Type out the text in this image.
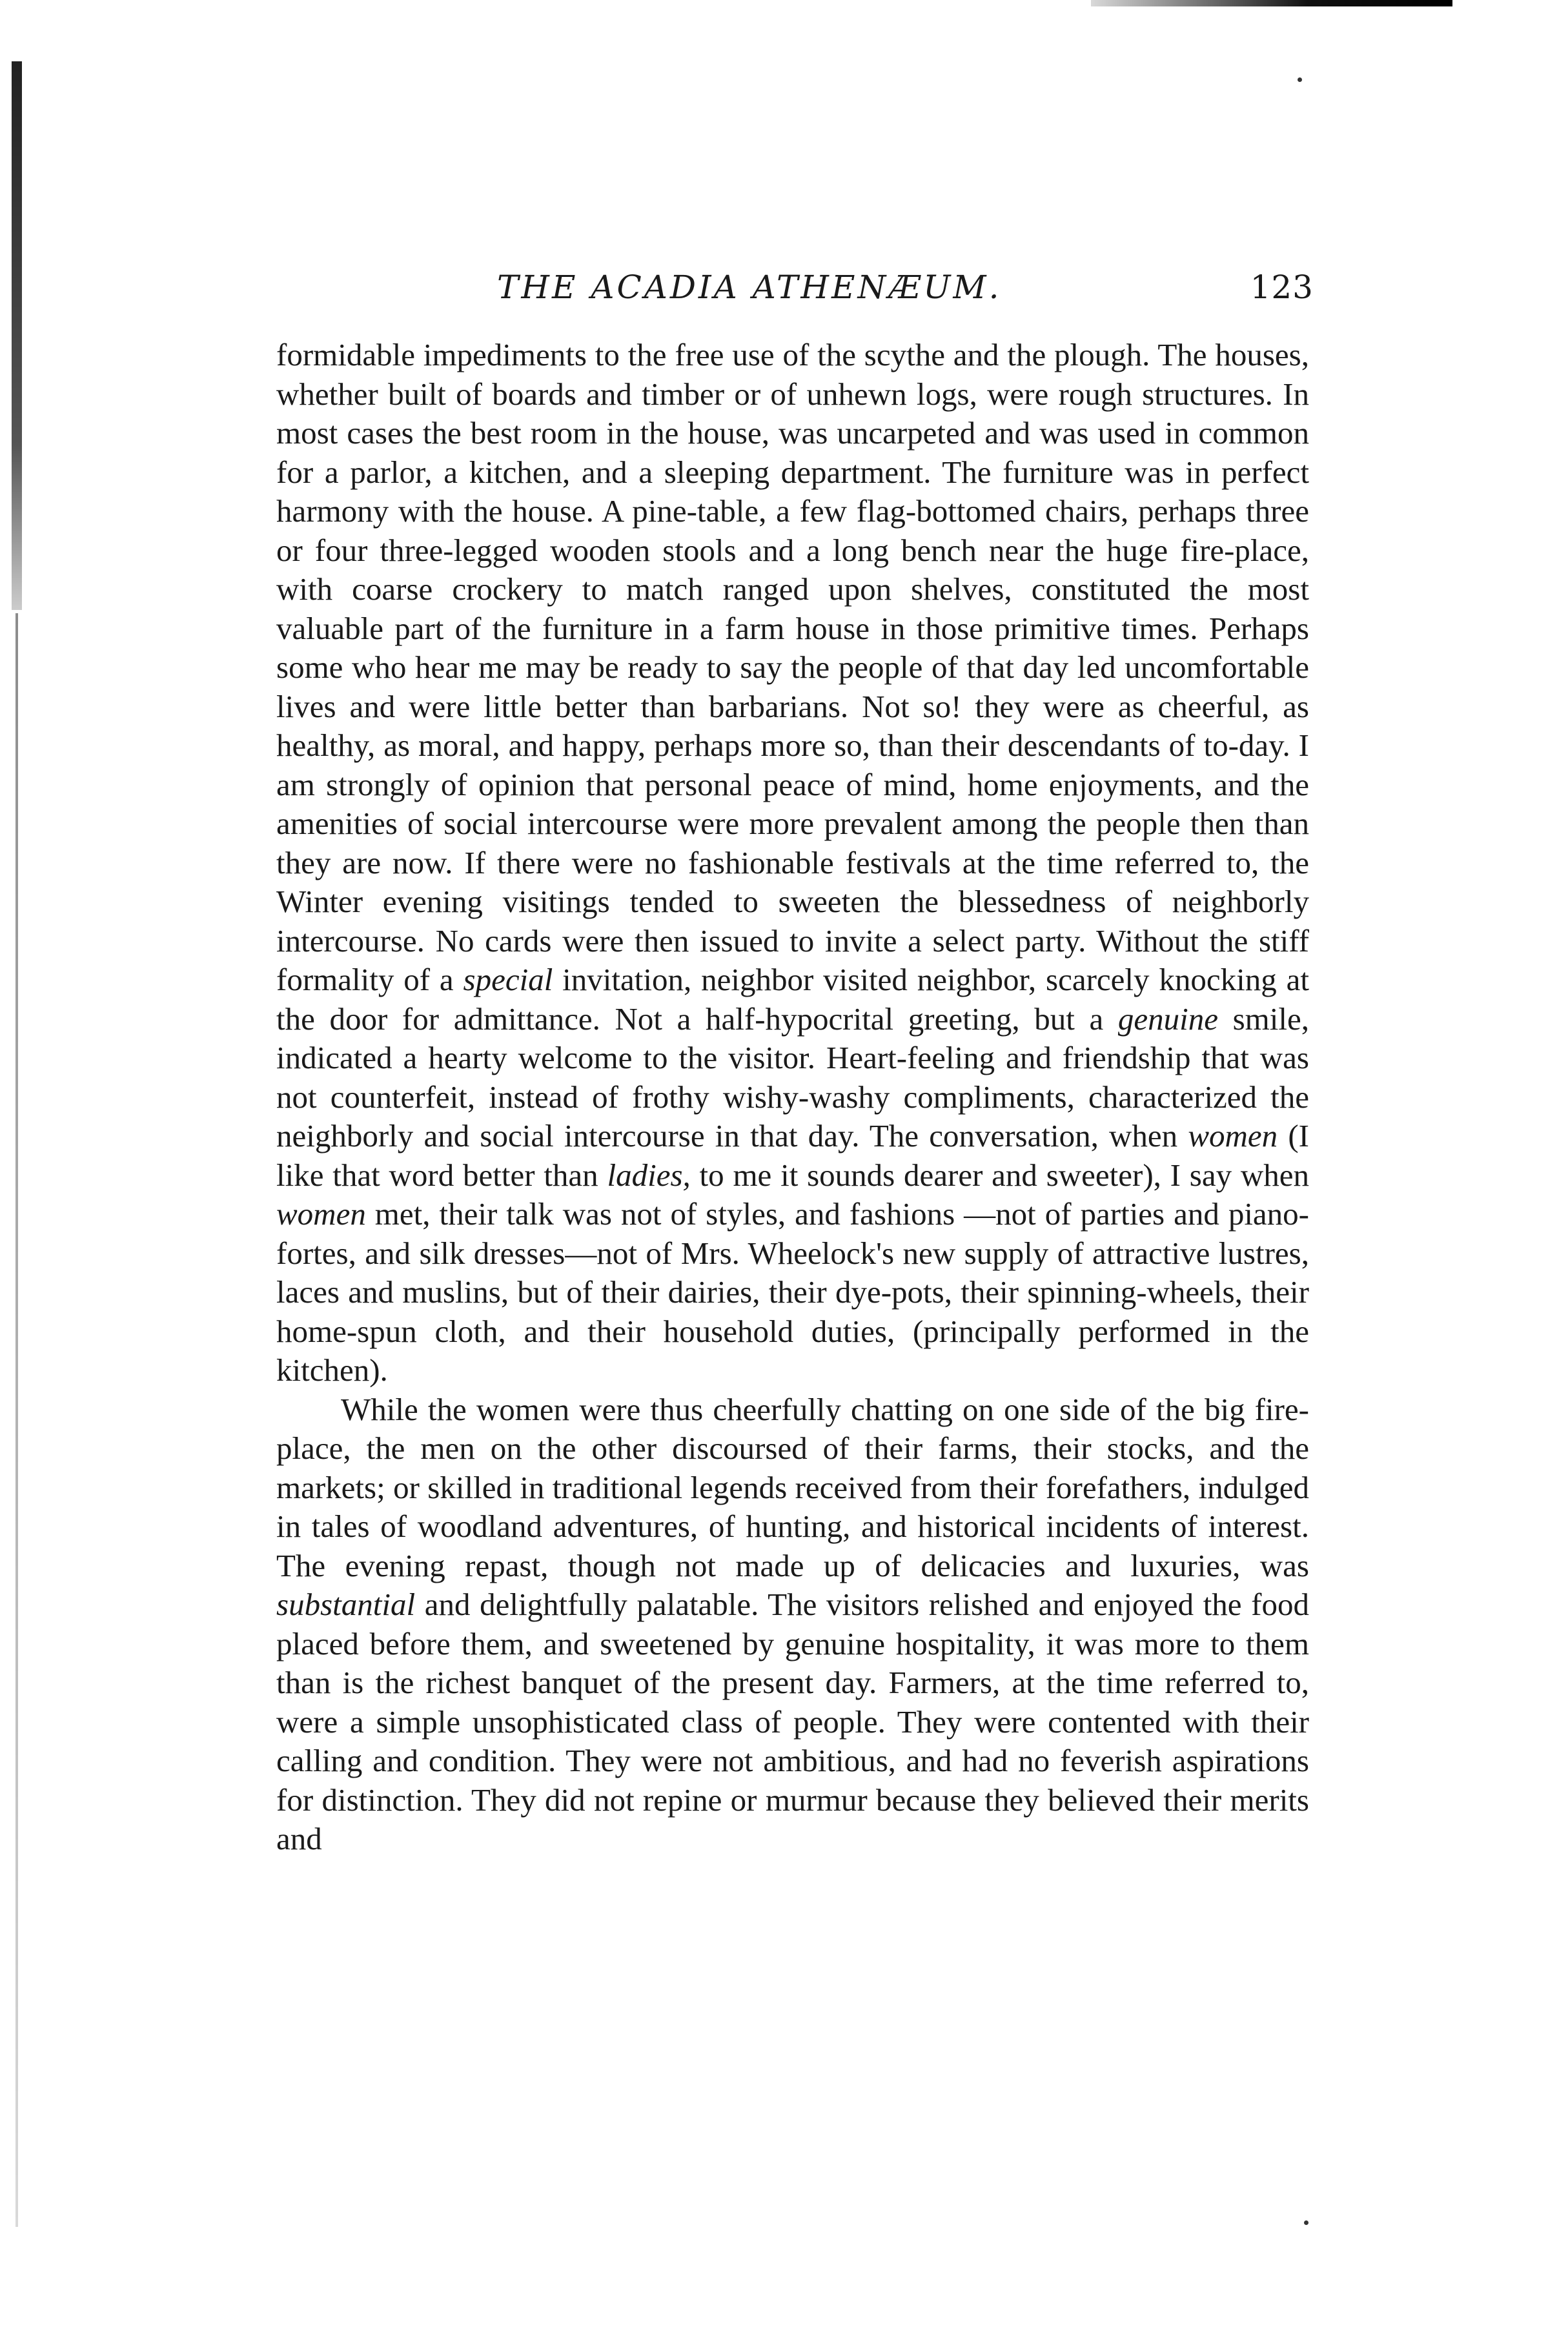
THE ACADIA ATHENÆUM.	123

formidable impediments to the free use of the scythe and the plough. The houses, whether built of boards and timber or of unhewn logs, were rough structures. In most cases the best room in the house, was uncarpeted and was used in common for a parlor, a kitchen, and a sleeping department. The furniture was in perfect harmony with the house. A pine-table, a few flag-bottomed chairs, perhaps three or four three-legged wooden stools and a long bench near the huge fire-place, with coarse crockery to match ranged upon shelves, constituted the most valuable part of the furniture in a farm house in those primitive times. Perhaps some who hear me may be ready to say the people of that day led uncomfortable lives and were little better than barbarians. Not so! they were as cheerful, as healthy, as moral, and happy, perhaps more so, than their descendants of to-day. I am strongly of opinion that personal peace of mind, home enjoyments, and the amenities of social intercourse were more prevalent among the people then than they are now. If there were no fashionable festivals at the time referred to, the Winter evening visitings tended to sweeten the blessedness of neighborly intercourse. No cards were then issued to invite a select party. Without the stiff formality of a special invitation, neighbor visited neighbor, scarcely knocking at the door for admittance. Not a half-hypocrital greeting, but a genuine smile, indicated a hearty welcome to the visitor. Heart-feeling and friendship that was not counterfeit, instead of frothy wishy-washy compliments, characterized the neighborly and social intercourse in that day. The conversation, when women (I like that word better than ladies, to me it sounds dearer and sweeter), I say when women met, their talk was not of styles, and fashions —not of parties and piano-fortes, and silk dresses—not of Mrs. Wheelock's new supply of attractive lustres, laces and muslins, but of their dairies, their dye-pots, their spinning-wheels, their home-spun cloth, and their household duties, (principally performed in the kitchen).

While the women were thus cheerfully chatting on one side of the big fire-place, the men on the other discoursed of their farms, their stocks, and the markets; or skilled in traditional legends received from their forefathers, indulged in tales of woodland adventures, of hunting, and historical incidents of interest. The evening repast, though not made up of delicacies and luxuries, was substantial and delightfully palatable. The visitors relished and enjoyed the food placed before them, and sweetened by genuine hospitality, it was more to them than is the richest banquet of the present day. Farmers, at the time referred to, were a simple unsophisticated class of people. They were contented with their calling and condition. They were not ambitious, and had no feverish aspirations for distinction. They did not repine or murmur because they believed their merits and
